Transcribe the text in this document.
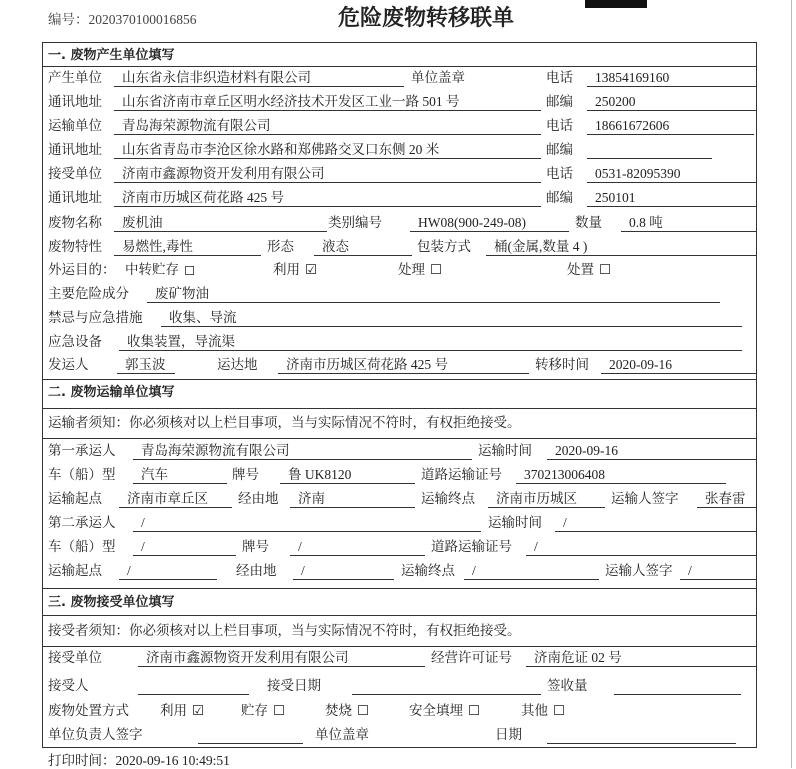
编号：2020370100016856	危险废物转移联单
一. 废物产生单位填写
二. 废物运输单位填写
三. 废物接受单位填写
产生单位	山东省永信非织造材料有限公司	单位盖章	电话	13854169160
通讯地址	山东省济南市章丘区明水经济技术开发区工业一路 501 号	邮编	250200
运输单位	青岛海荣源物流有限公司	电话	18661672606
通讯地址	山东省青岛市李沧区徐水路和郑佛路交叉口东侧 20 米	邮编
接受单位	济南市鑫源物资开发利用有限公司	电话	0531-82095390
通讯地址	济南市历城区荷花路 425 号	邮编	250101
废物名称	废机油	类别编号	HW08(900-249-08)	数量	0.8 吨
废物特性	易燃性,毒性	形态	液态	包装方式	桶(金属,数量 4 )
外运目的： 中转贮存 ◻	利用 ☑	处理 ☐	处置 ☐
主要危险成分	废矿物油
禁忌与应急措施	收集、导流
应急设备	收集装置，导流渠
发运人	郭玉波	运达地	济南市历城区荷花路 425 号	转移时间	2020-09-16
运输者须知：你必须核对以上栏目事项，当与实际情况不符时，有权拒绝接受。
第一承运人	青岛海荣源物流有限公司	运输时间	2020-09-16
车（船）型	汽车	牌号	鲁 UK8120	道路运输证号	370213006408
运输起点	济南市章丘区	经由地	济南	运输终点	济南市历城区	运输人签字	张春雷
第二承运人	/	运输时间	/
车（船）型	/	牌号	/	道路运输证号	/
运输起点	/	经由地	/	运输终点	/	运输人签字	/
接受者须知：你必须核对以上栏目事项，当与实际情况不符时，有权拒绝接受。
接受单位	济南市鑫源物资开发利用有限公司	经营许可证号	济南危证 02 号
接受人	接受日期	签收量
废物处置方式 利用 ☑	贮存 ☐	焚烧 ☐	安全填埋 ☐	其他 ☐
单位负责人签字	单位盖章	日期
打印时间：2020-09-16 10:49:51
